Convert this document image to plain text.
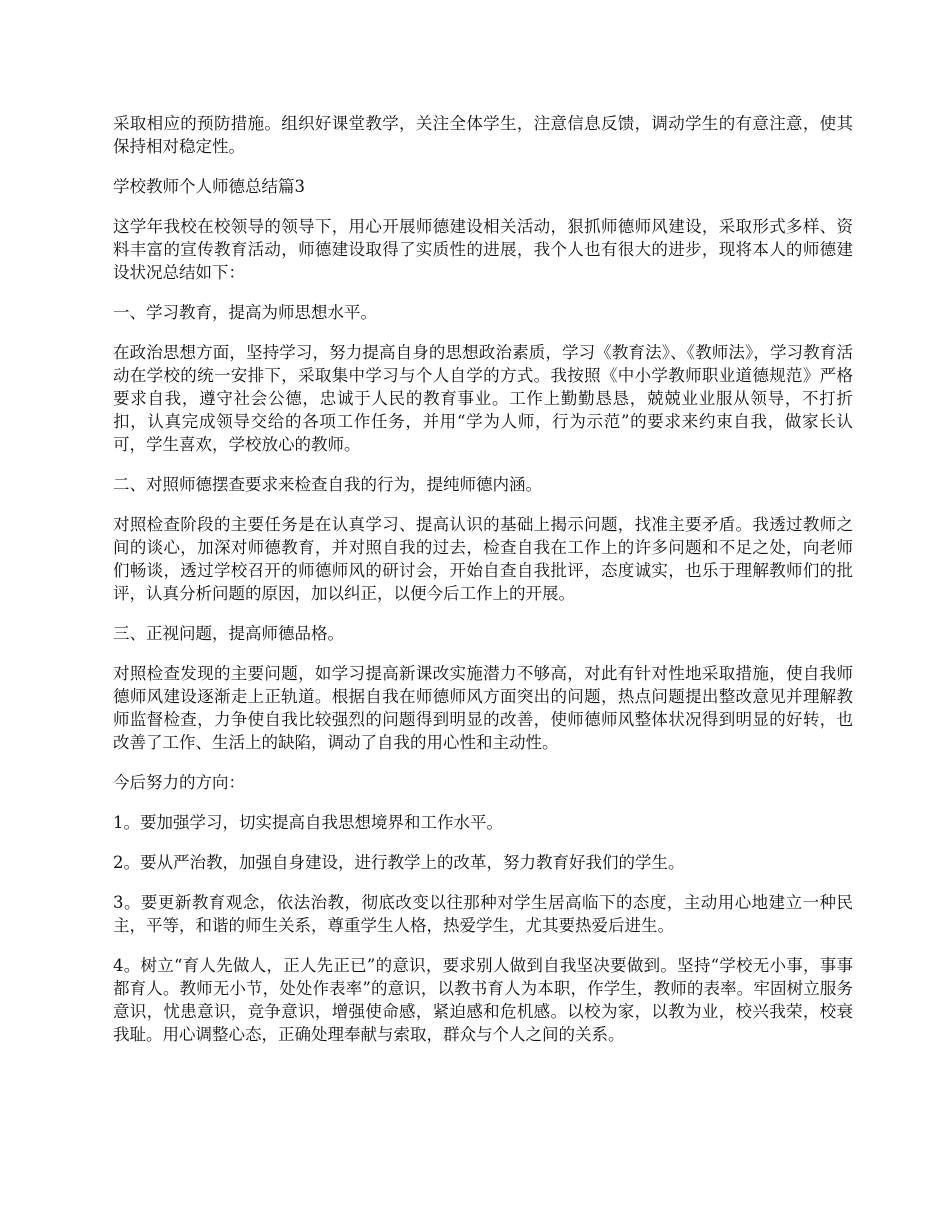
采取相应的预防措施。组织好课堂教学，关注全体学生，注意信息反馈，调动学生的有意注意，使其保持相对稳定性。

学校教师个人师德总结篇3

这学年我校在校领导的领导下，用心开展师德建设相关活动，狠抓师德师风建设，采取形式多样、资料丰富的宣传教育活动，师德建设取得了实质性的进展，我个人也有很大的进步，现将本人的师德建设状况总结如下：

一、学习教育，提高为师思想水平。

在政治思想方面，坚持学习，努力提高自身的思想政治素质，学习《教育法》、《教师法》，学习教育活动在学校的统一安排下，采取集中学习与个人自学的方式。我按照《中小学教师职业道德规范》严格要求自我，遵守社会公德，忠诚于人民的教育事业。工作上勤勤恳恳，兢兢业业服从领导，不打折扣，认真完成领导交给的各项工作任务，并用“学为人师，行为示范”的要求来约束自我，做家长认可，学生喜欢，学校放心的教师。

二、对照师德摆查要求来检查自我的行为，提纯师德内涵。

对照检查阶段的主要任务是在认真学习、提高认识的基础上揭示问题，找准主要矛盾。我透过教师之间的谈心，加深对师德教育，并对照自我的过去，检查自我在工作上的许多问题和不足之处，向老师们畅谈，透过学校召开的师德师风的研讨会，开始自查自我批评，态度诚实，也乐于理解教师们的批评，认真分析问题的原因，加以纠正，以便今后工作上的开展。

三、正视问题，提高师德品格。

对照检查发现的主要问题，如学习提高新课改实施潜力不够高，对此有针对性地采取措施，使自我师德师风建设逐渐走上正轨道。根据自我在师德师风方面突出的问题，热点问题提出整改意见并理解教师监督检查，力争使自我比较强烈的问题得到明显的改善，使师德师风整体状况得到明显的好转，也改善了工作、生活上的缺陷，调动了自我的用心性和主动性。

今后努力的方向：

1。要加强学习，切实提高自我思想境界和工作水平。

2。要从严治教，加强自身建设，进行教学上的改革，努力教育好我们的学生。

3。要更新教育观念，依法治教，彻底改变以往那种对学生居高临下的态度，主动用心地建立一种民主，平等，和谐的师生关系，尊重学生人格，热爱学生，尤其要热爱后进生。

4。树立“育人先做人，正人先正已”的意识，要求别人做到自我坚决要做到。坚持“学校无小事，事事都育人。教师无小节，处处作表率”的意识，以教书育人为本职，作学生，教师的表率。牢固树立服务意识，忧患意识，竞争意识，增强使命感，紧迫感和危机感。以校为家，以教为业，校兴我荣，校衰我耻。用心调整心态，正确处理奉献与索取，群众与个人之间的关系。
